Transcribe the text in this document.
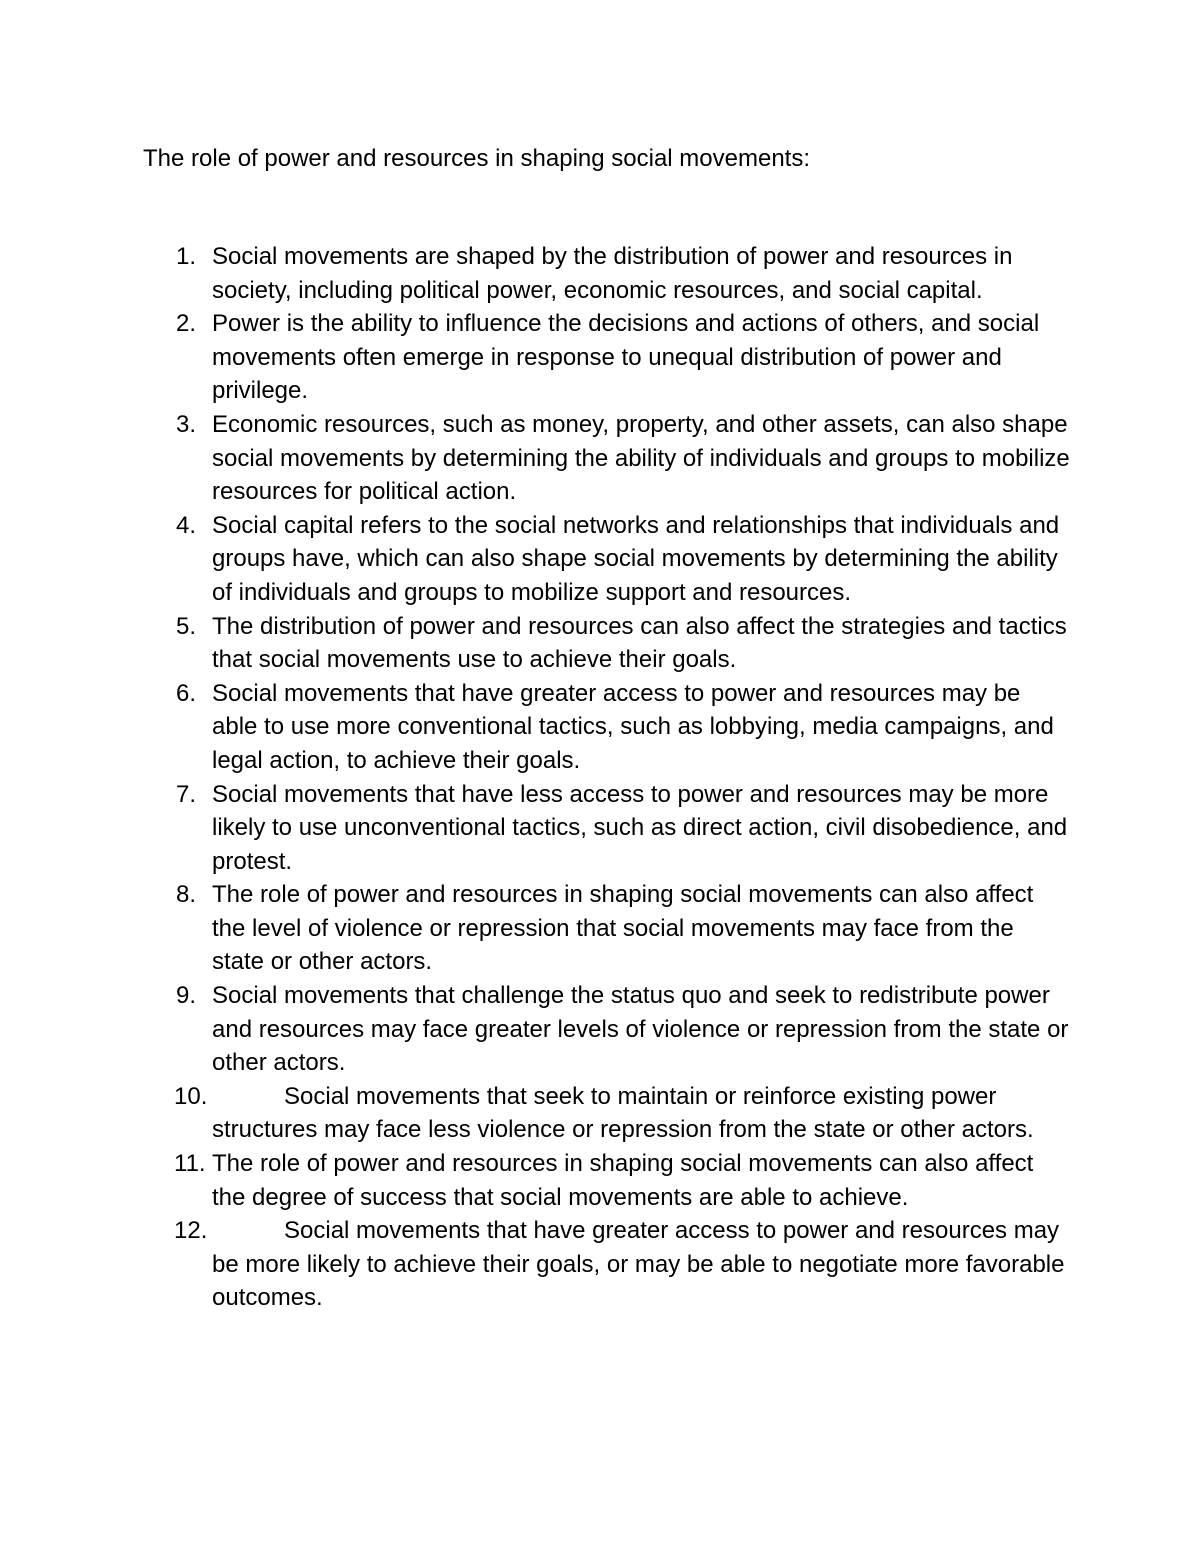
The role of power and resources in shaping social movements:
1. Social movements are shaped by the distribution of power and resources in society, including political power, economic resources, and social capital.
2. Power is the ability to influence the decisions and actions of others, and social movements often emerge in response to unequal distribution of power and privilege.
3. Economic resources, such as money, property, and other assets, can also shape social movements by determining the ability of individuals and groups to mobilize resources for political action.
4. Social capital refers to the social networks and relationships that individuals and groups have, which can also shape social movements by determining the ability of individuals and groups to mobilize support and resources.
5. The distribution of power and resources can also affect the strategies and tactics that social movements use to achieve their goals.
6. Social movements that have greater access to power and resources may be able to use more conventional tactics, such as lobbying, media campaigns, and legal action, to achieve their goals.
7. Social movements that have less access to power and resources may be more likely to use unconventional tactics, such as direct action, civil disobedience, and protest.
8. The role of power and resources in shaping social movements can also affect the level of violence or repression that social movements may face from the state or other actors.
9. Social movements that challenge the status quo and seek to redistribute power and resources may face greater levels of violence or repression from the state or other actors.
10.	Social movements that seek to maintain or reinforce existing power structures may face less violence or repression from the state or other actors.
11. The role of power and resources in shaping social movements can also affect the degree of success that social movements are able to achieve.
12.	Social movements that have greater access to power and resources may be more likely to achieve their goals, or may be able to negotiate more favorable outcomes.
